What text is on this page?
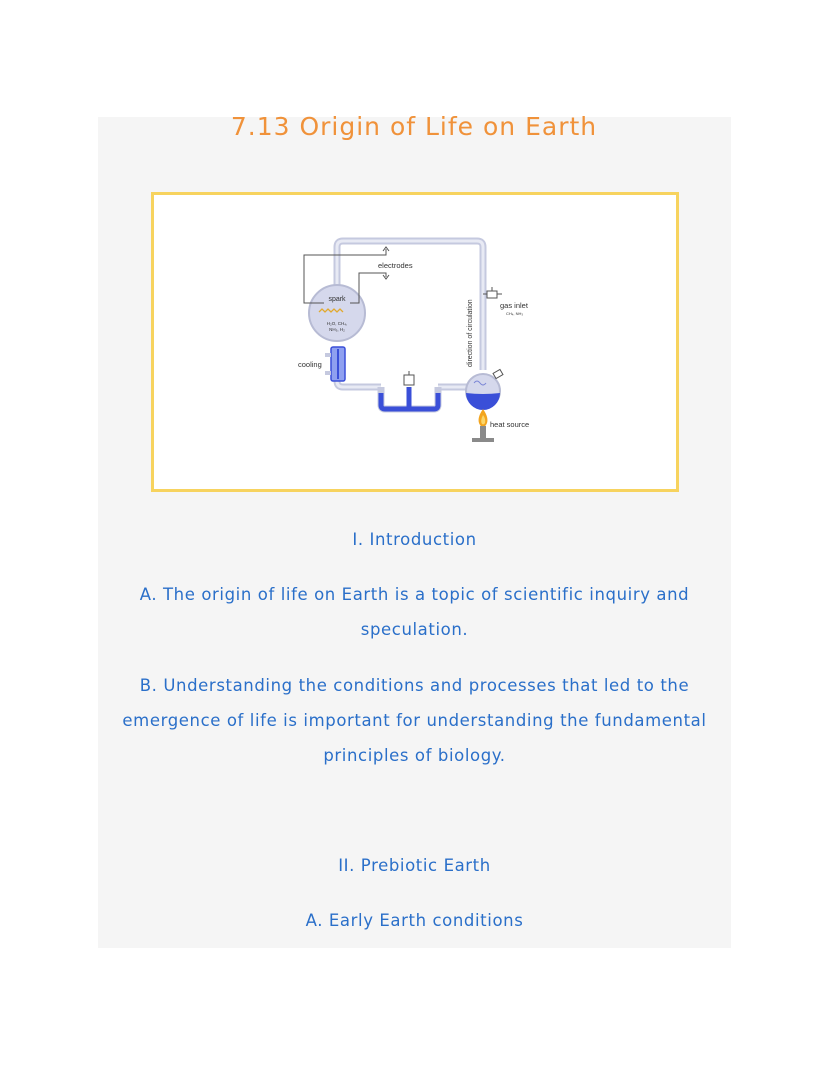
7.13 Origin of Life on Earth
spark
H₂O, CH₄,
NH₃, H₂
electrodes
cooling	direction of circulation	gas inlet
CH₄, NH₃
heat source
I. Introduction
A. The origin of life on Earth is a topic of scientific inquiry and speculation.
B. Understanding the conditions and processes that led to the emergence of life is important for understanding the fundamental principles of biology.
II. Prebiotic Earth
A. Early Earth conditions
